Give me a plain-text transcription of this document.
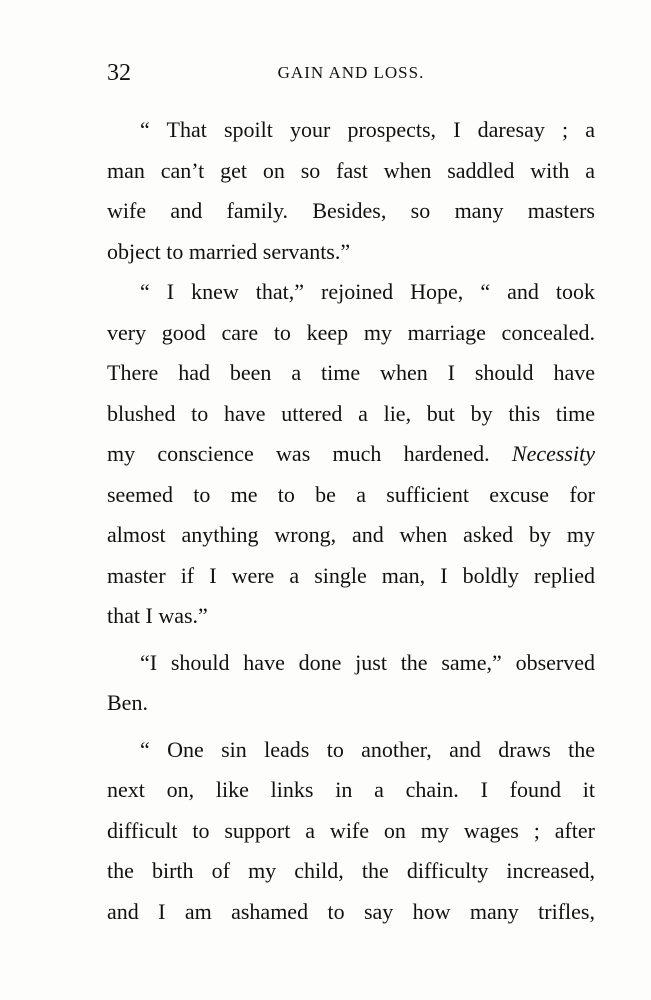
32	GAIN AND LOSS.
“ That spoilt your prospects, I daresay ; a
man can’t get on so fast when saddled with a
wife and family. Besides, so many masters
object to married servants.”
“ I knew that,” rejoined Hope, “ and took
very good care to keep my marriage concealed.
There had been a time when I should have
blushed to have uttered a lie, but by this time
my conscience was much hardened. Necessity
seemed to me to be a sufficient excuse for
almost anything wrong, and when asked by my
master if I were a single man, I boldly replied
that I was.”
“I should have done just the same,” observed
Ben.
“ One sin leads to another, and draws the
next on, like links in a chain. I found it
difficult to support a wife on my wages ; after
the birth of my child, the difficulty increased,
and I am ashamed to say how many trifles,
